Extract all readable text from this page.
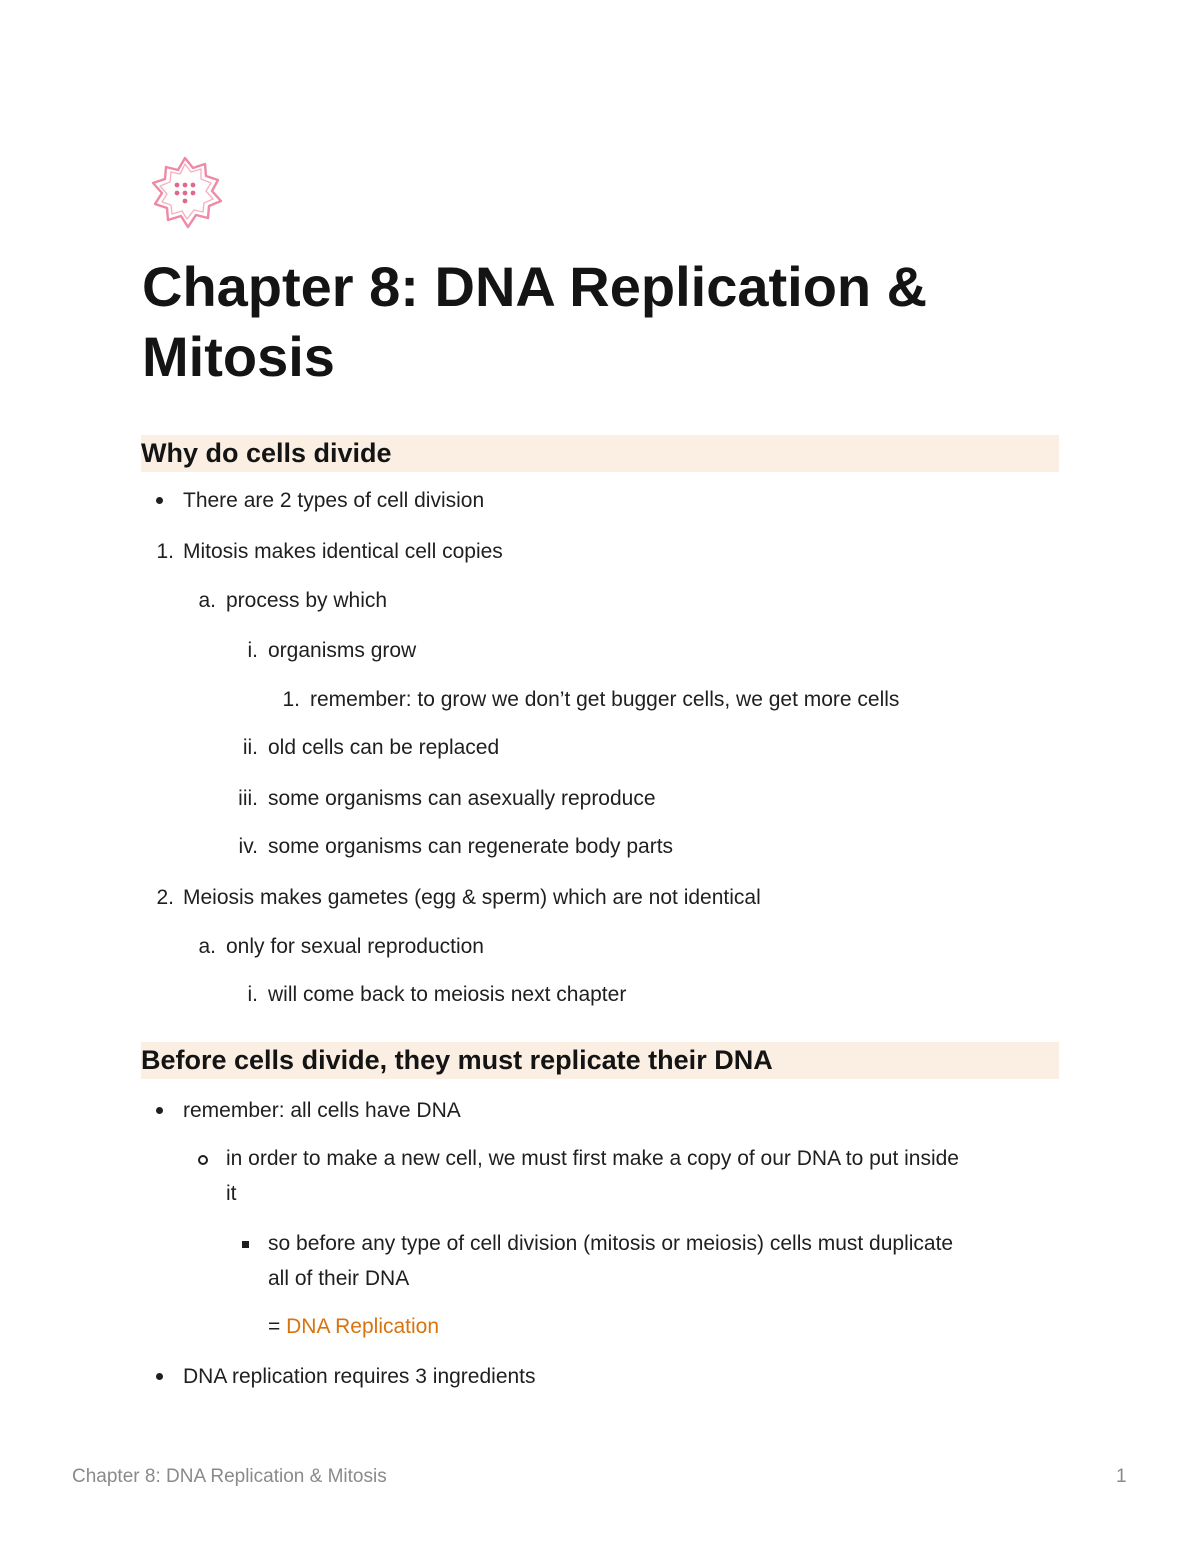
Chapter 8: DNA Replication & Mitosis
Why do cells divide
There are 2 types of cell division
1. Mitosis makes identical cell copies
a. process by which
i. organisms grow
1. remember: to grow we don’t get bugger cells, we get more cells
ii. old cells can be replaced
iii. some organisms can asexually reproduce
iv. some organisms can regenerate body parts
2. Meiosis makes gametes (egg & sperm) which are not identical
a. only for sexual reproduction
i. will come back to meiosis next chapter
Before cells divide, they must replicate their DNA
remember: all cells have DNA
in order to make a new cell, we must first make a copy of our DNA to put inside
it
so before any type of cell division (mitosis or meiosis) cells must duplicate
all of their DNA
= DNA Replication
DNA replication requires 3 ingredients
Chapter 8: DNA Replication & Mitosis	1
